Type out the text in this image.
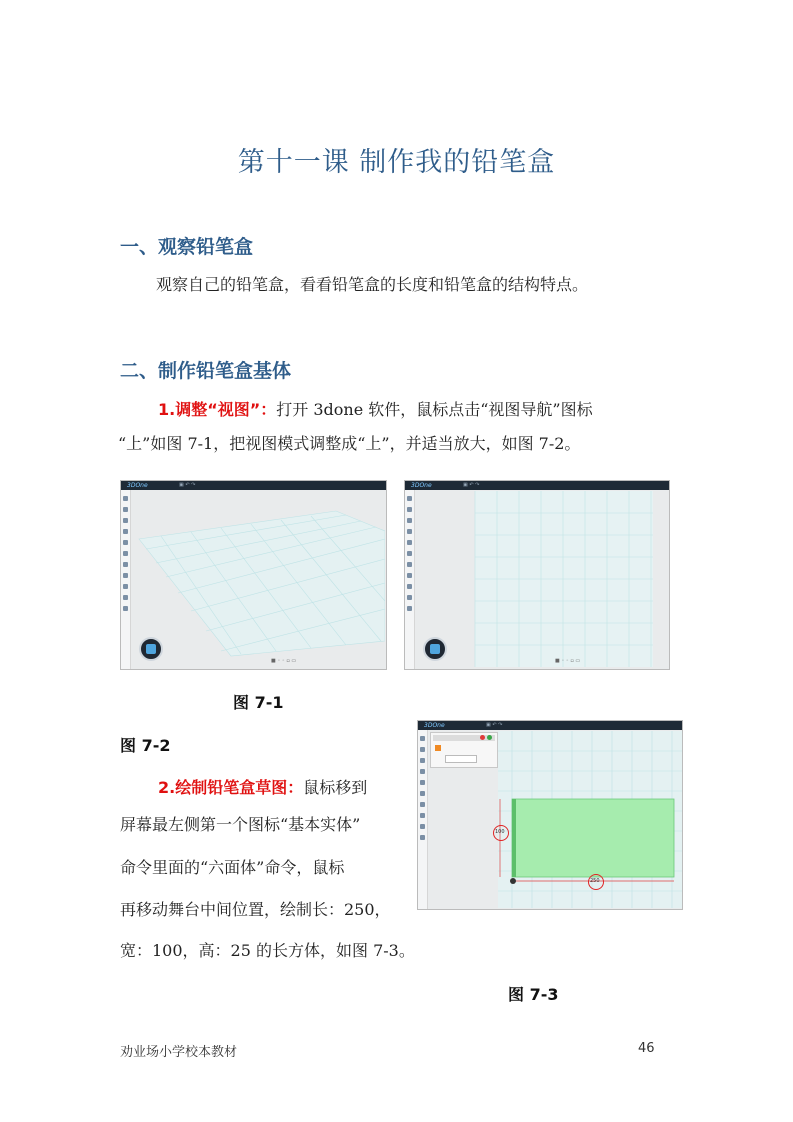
第十一课 制作我的铅笔盒
一、观察铅笔盒
观察自己的铅笔盒，看看铅笔盒的长度和铅笔盒的结构特点。
二、制作铅笔盒基体
1.调整“视图”：打开 3done 软件，鼠标点击“视图导航”图标
“上”如图 7-1，把视图模式调整成“上”，并适当放大，如图 7-2。
3DOne	▣ ↶ ↷
■ ◦ ◦ ▫ ▭
3DOne	▣ ↶ ↷
■ ◦ ◦ ▫ ▭
图 7-1
图 7-2
2.绘制铅笔盒草图：鼠标移到
屏幕最左侧第一个图标“基本实体”
命令里面的“六面体”命令，鼠标
再移动舞台中间位置，绘制长：250，
宽：100，高：25 的长方体，如图 7-3。
3DOne	▣ ↶ ↷
100
250
图 7-3
劝业场小学校本教材	46
